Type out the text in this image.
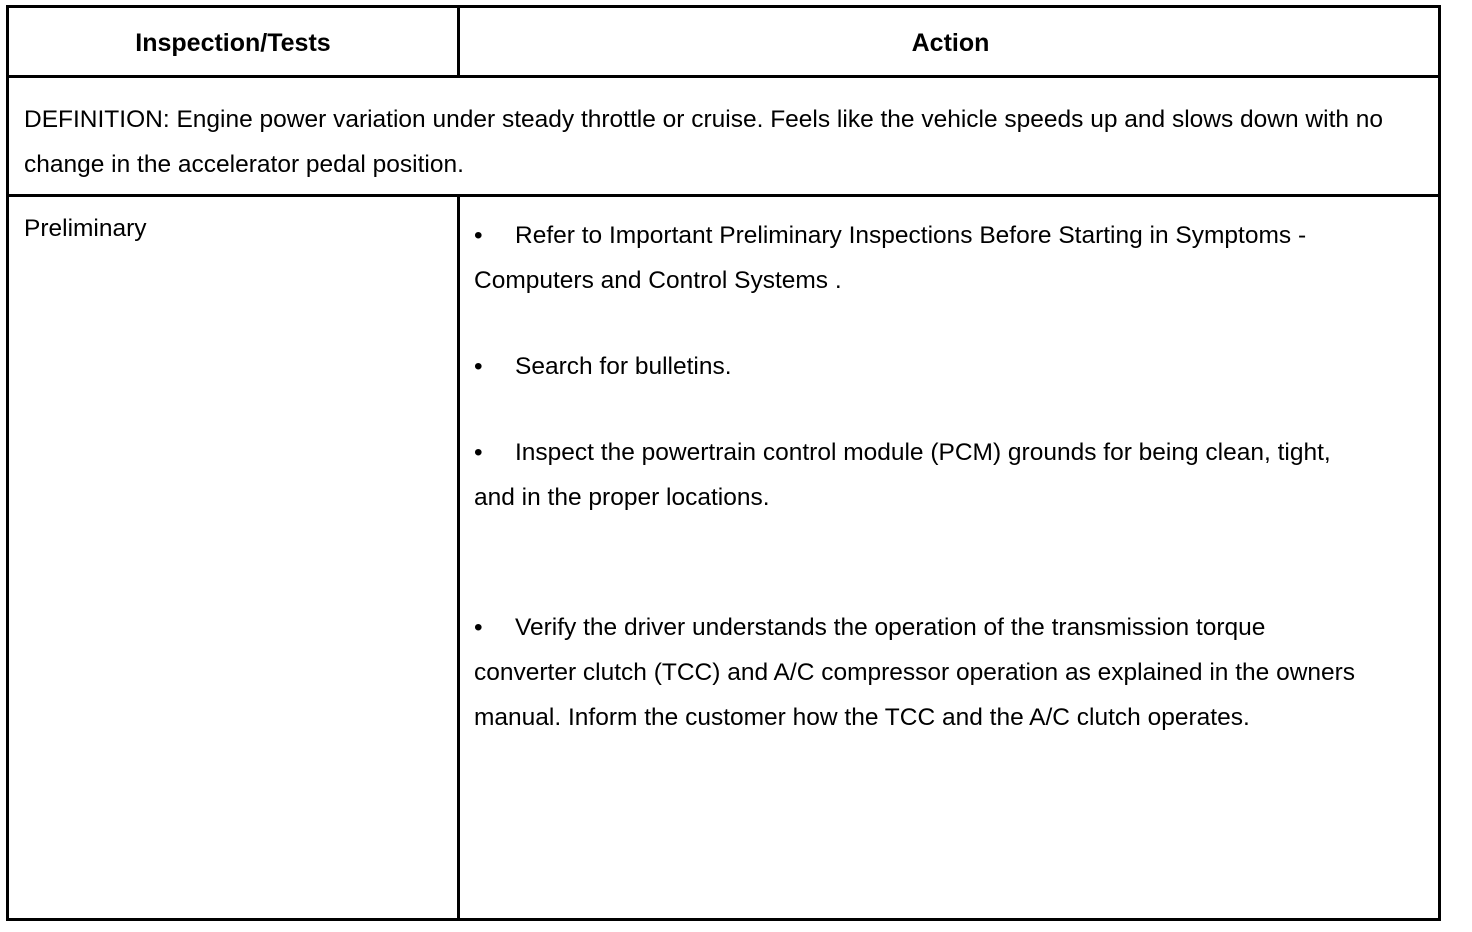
Inspection/Tests	Action
DEFINITION: Engine power variation under steady throttle or cruise. Feels like the vehicle speeds up and slows down with no change in the accelerator pedal position.
Preliminary	• Refer to Important Preliminary Inspections Before Starting in Symptoms - Computers and Control Systems .
• Search for bulletins.
• Inspect the powertrain control module (PCM) grounds for being clean, tight, and in the proper locations.
• Verify the driver understands the operation of the transmission torque converter clutch (TCC) and A/C compressor operation as explained in the owners manual. Inform the customer how the TCC and the A/C clutch operates.
